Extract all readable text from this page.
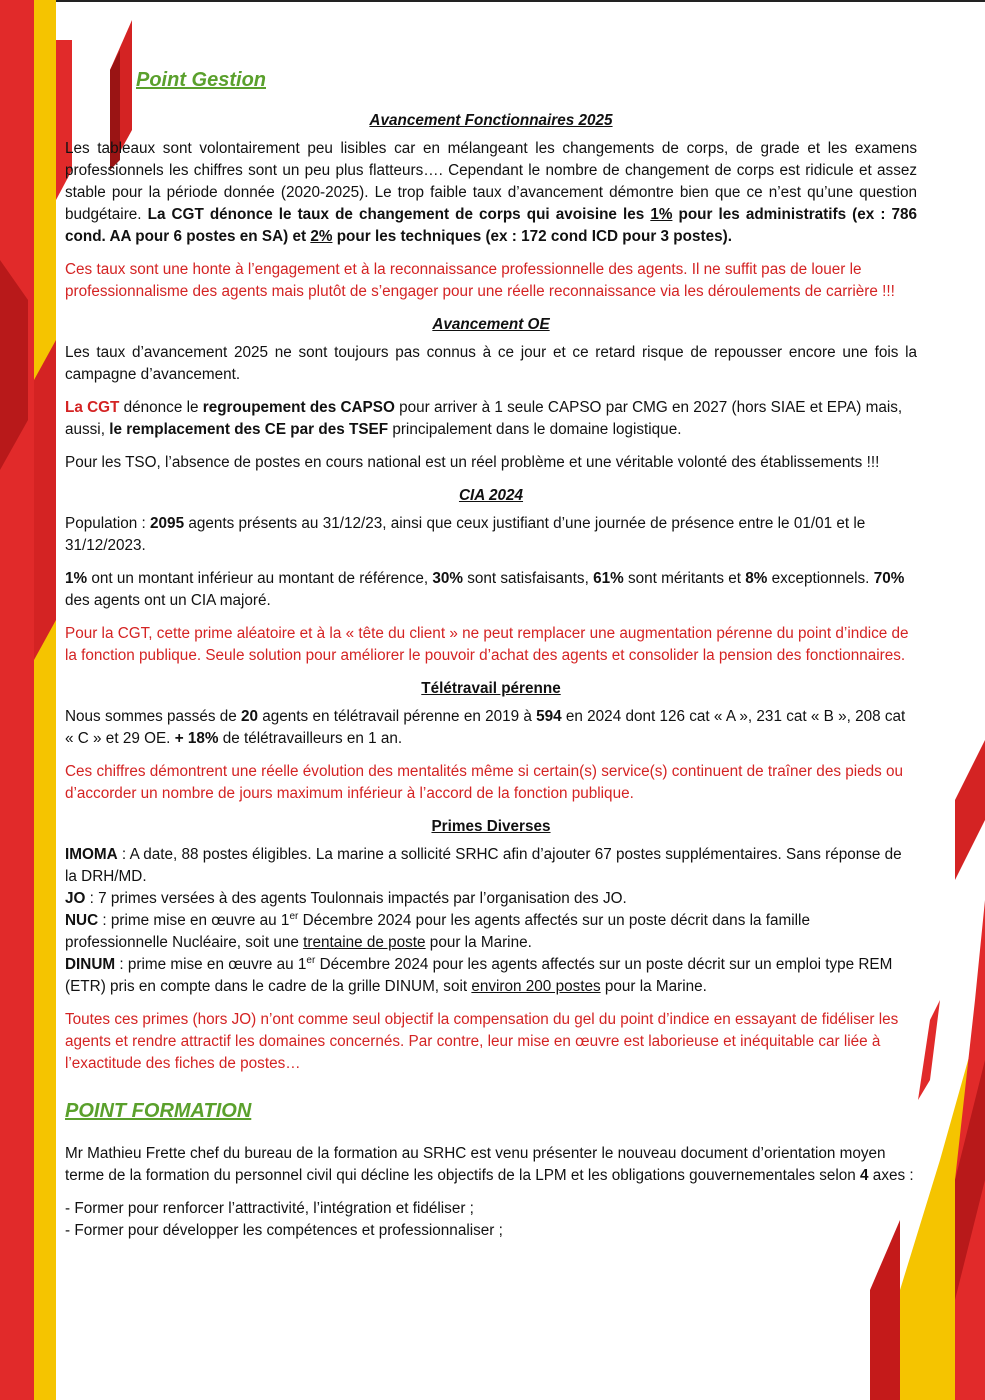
Point Gestion
Avancement Fonctionnaires 2025

Les tableaux sont volontairement peu lisibles car en mélangeant les changements de corps, de grade et les examens professionnels les chiffres sont un peu plus flatteurs…. Cependant le nombre de changement de corps est ridicule et assez stable pour la période donnée (2020-2025). Le trop faible taux d’avancement démontre bien que ce n’est qu’une question budgétaire. La CGT dénonce le taux de changement de corps qui avoisine les 1% pour les administratifs (ex : 786 cond. AA pour 6 postes en SA) et 2% pour les techniques (ex : 172 cond ICD pour 3 postes).

Ces taux sont une honte à l’engagement et à la reconnaissance professionnelle des agents. Il ne suffit pas de louer le professionnalisme des agents mais plutôt de s’engager pour une réelle reconnaissance via les déroulements de carrière !!!

Avancement OE

Les taux d’avancement 2025 ne sont toujours pas connus à ce jour et ce retard risque de repousser encore une fois la campagne d’avancement.

La CGT dénonce le regroupement des CAPSO pour arriver à 1 seule CAPSO par CMG en 2027 (hors SIAE et EPA) mais, aussi, le remplacement des CE par des TSEF principalement dans le domaine logistique.

Pour les TSO, l’absence de postes en cours national est un réel problème et une véritable volonté des établissements !!!

CIA 2024

Population : 2095 agents présents au 31/12/23, ainsi que ceux justifiant d’une journée de présence entre le 01/01 et le 31/12/2023.

1% ont un montant inférieur au montant de référence, 30% sont satisfaisants, 61% sont méritants et 8% exceptionnels. 70% des agents ont un CIA majoré.

Pour la CGT, cette prime aléatoire et à la « tête du client » ne peut remplacer une augmentation pérenne du point d’indice de la fonction publique. Seule solution pour améliorer le pouvoir d’achat des agents et consolider la pension des fonctionnaires.

Télétravail pérenne

Nous sommes passés de 20 agents en télétravail pérenne en 2019 à 594 en 2024 dont 126 cat « A », 231 cat « B », 208 cat « C » et 29 OE. + 18% de télétravailleurs en 1 an.

Ces chiffres démontrent une réelle évolution des mentalités même si certain(s) service(s) continuent de traîner des pieds ou d’accorder un nombre de jours maximum inférieur à l’accord de la fonction publique.

Primes Diverses

IMOMA : A date, 88 postes éligibles. La marine a sollicité SRHC afin d’ajouter 67 postes supplémentaires. Sans réponse de la DRH/MD.

JO : 7 primes versées à des agents Toulonnais impactés par l’organisation des JO.

NUC : prime mise en œuvre au 1er Décembre 2024 pour les agents affectés sur un poste décrit dans la famille professionnelle Nucléaire, soit une trentaine de poste pour la Marine.

DINUM : prime mise en œuvre au 1er Décembre 2024 pour les agents affectés sur un poste décrit sur un emploi type REM (ETR) pris en compte dans le cadre de la grille DINUM, soit environ 200 postes pour la Marine.

Toutes ces primes (hors JO) n’ont comme seul objectif la compensation du gel du point d’indice en essayant de fidéliser les agents et rendre attractif les domaines concernés. Par contre, leur mise en œuvre est laborieuse et inéquitable car liée à l’exactitude des fiches de postes…

POINT FORMATION

Mr Mathieu Frette chef du bureau de la formation au SRHC est venu présenter le nouveau document d’orientation moyen terme de la formation du personnel civil qui décline les objectifs de la LPM et les obligations gouvernementales selon 4 axes :

- Former pour renforcer l’attractivité, l’intégration et fidéliser ;

- Former pour développer les compétences et professionnaliser ;
